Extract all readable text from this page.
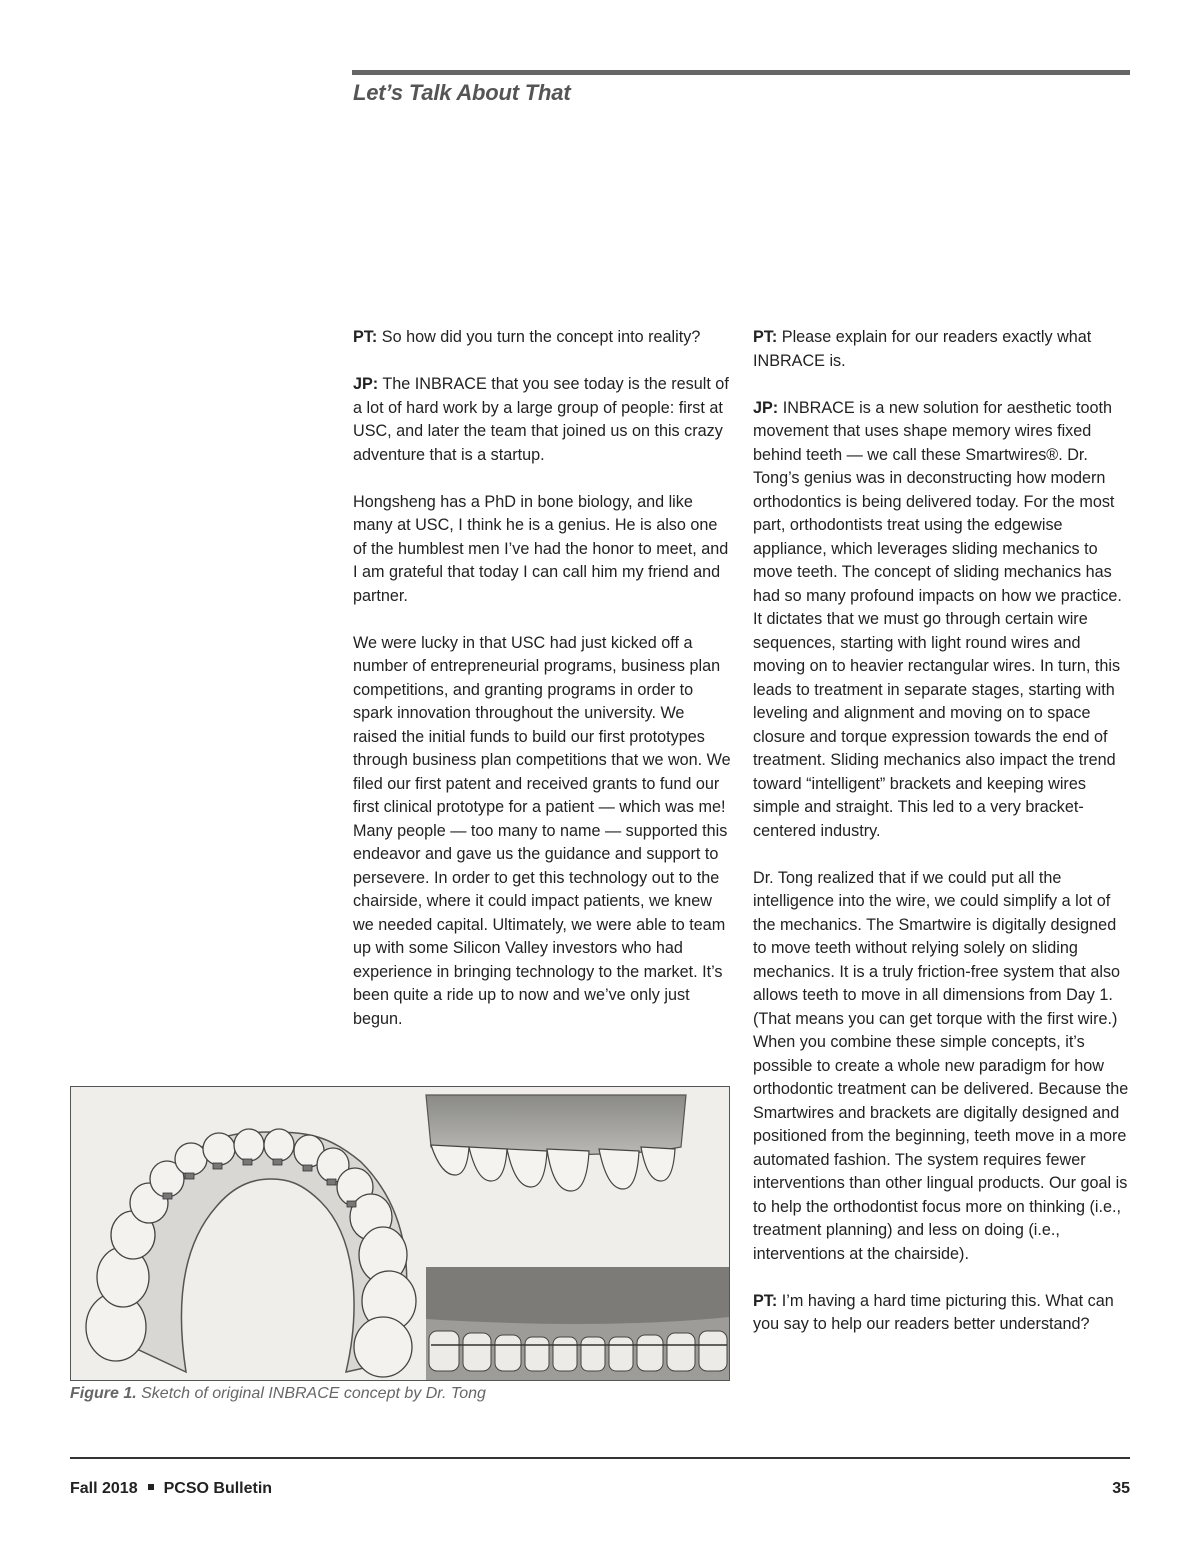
Let’s Talk About That

PT: So how did you turn the concept into reality?

JP: The INBRACE that you see today is the result of a lot of hard work by a large group of people: first at USC, and later the team that joined us on this crazy adventure that is a startup.

Hongsheng has a PhD in bone biology, and like many at USC, I think he is a genius. He is also one of the humblest men I’ve had the honor to meet, and I am grateful that today I can call him my friend and partner.

We were lucky in that USC had just kicked off a number of entrepreneurial programs, business plan competitions, and granting programs in order to spark innovation throughout the university. We raised the initial funds to build our first prototypes through business plan competitions that we won. We filed our first patent and received grants to fund our first clinical prototype for a patient — which was me! Many people — too many to name — supported this endeavor and gave us the guidance and support to persevere. In order to get this technology out to the chairside, where it could impact patients, we knew we needed capital. Ultimately, we were able to team up with some Silicon Valley investors who had experience in bringing technology to the market. It’s been quite a ride up to now and we’ve only just begun.

PT: Please explain for our readers exactly what INBRACE is.

JP: INBRACE is a new solution for aesthetic tooth movement that uses shape memory wires fixed behind teeth — we call these Smartwires®. Dr. Tong’s genius was in deconstructing how modern orthodontics is being delivered today. For the most part, orthodontists treat using the edgewise appliance, which leverages sliding mechanics to move teeth. The concept of sliding mechanics has had so many profound impacts on how we practice. It dictates that we must go through certain wire sequences, starting with light round wires and moving on to heavier rectangular wires. In turn, this leads to treatment in separate stages, starting with leveling and alignment and moving on to space closure and torque expression towards the end of treatment. Sliding mechanics also impact the trend toward “intelligent” brackets and keeping wires simple and straight. This led to a very bracket-centered industry.

Dr. Tong realized that if we could put all the intelligence into the wire, we could simplify a lot of the mechanics. The Smartwire is digitally designed to move teeth without relying solely on sliding mechanics. It is a truly friction-free system that also allows teeth to move in all dimensions from Day 1. (That means you can get torque with the first wire.) When you combine these simple concepts, it’s possible to create a whole new paradigm for how orthodontic treatment can be delivered. Because the Smartwires and brackets are digitally designed and positioned from the beginning, teeth move in a more automated fashion. The system requires fewer interventions than other lingual products. Our goal is to help the orthodontist focus more on thinking (i.e., treatment planning) and less on doing (i.e., interventions at the chairside).

PT: I’m having a hard time picturing this. What can you say to help our readers better understand?

Figure 1. Sketch of original INBRACE concept by Dr. Tong
Fall 2018 PCSO Bulletin	35
